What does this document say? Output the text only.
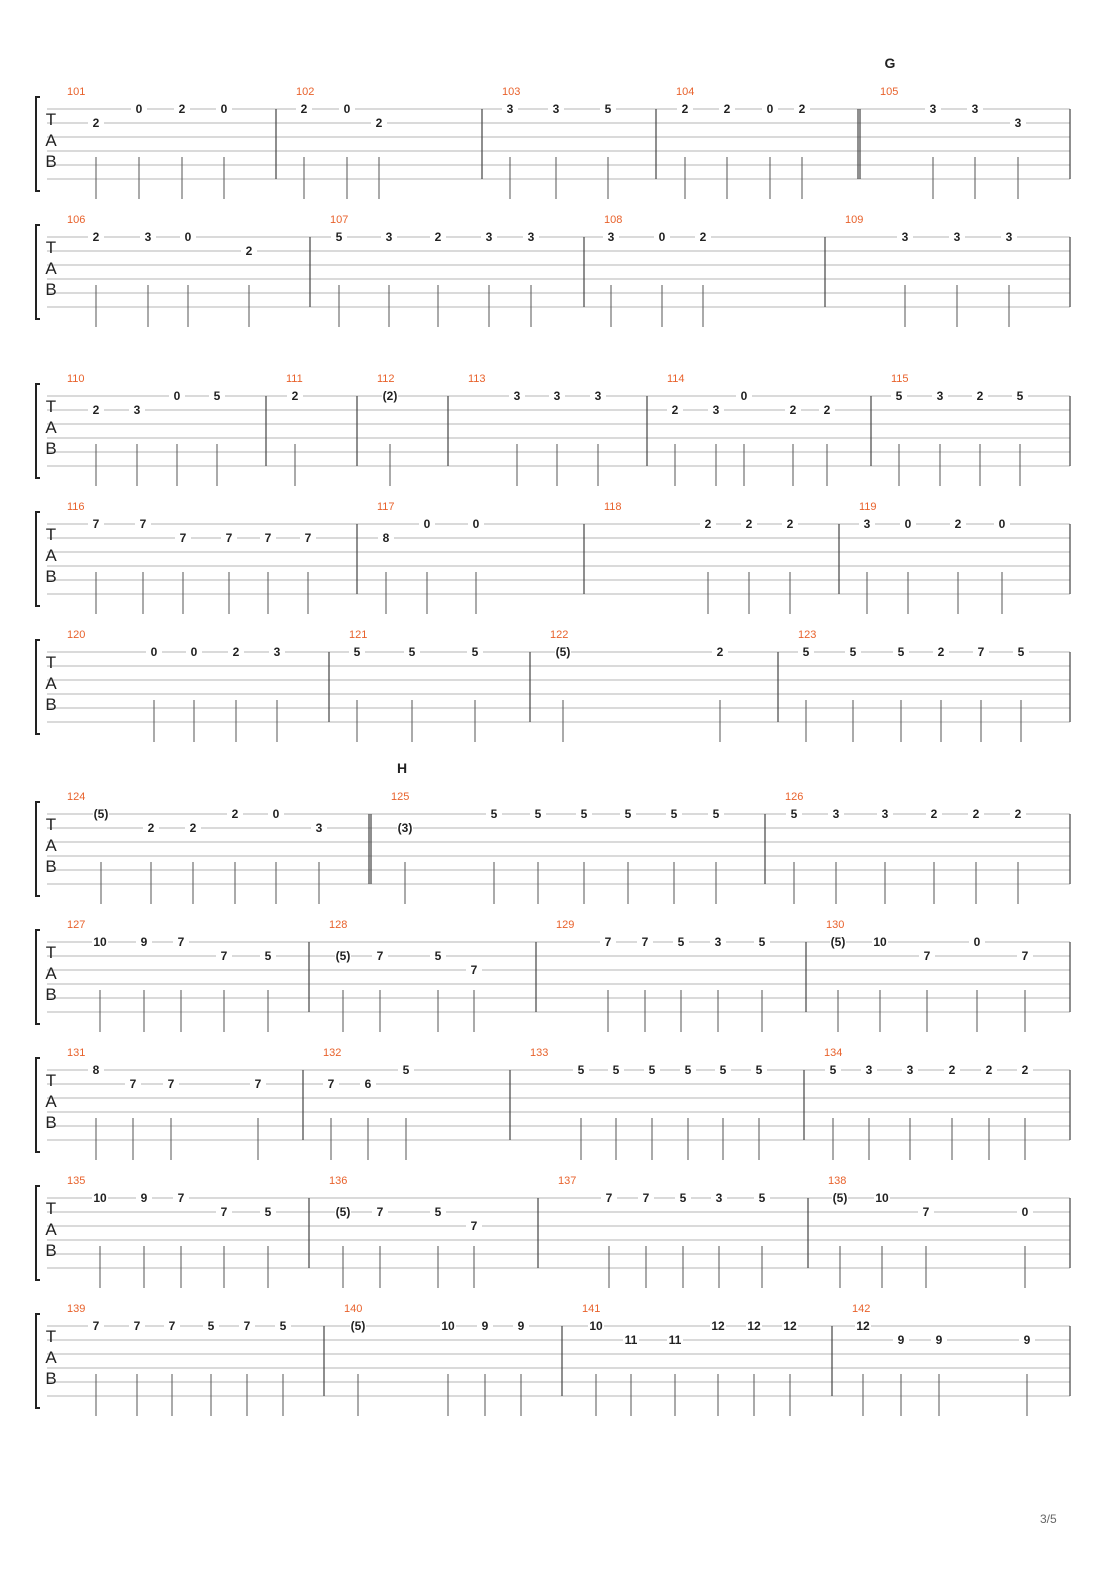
T
A
B
101	102	103	104	105
2
0	2	0	2	0
2
3	3	5	2	2	0 2	3	3
3
T
A
B
106	107	108	109
2	3	0
2
5	3	2	3	3	3	0	2	3	3	3
T
A
B
110	111	112	113	114	115
2	3
0	5	2	(2)	3	3	3
2	3
0
2 2
5	3	2	5
T
A
B
116	117	118	119
7	7
7	7	7	7	8
0	0	2	2	2	3	0	2	0
T
A
B
120	121	122	123
0	0	2	3	5	5	5	(5)	2	5	5	5	2	7	5
T
A
B
124	125	126
(5)
2	2
2	0
3	(3)
5	5	5	5	5	5	5	3	3	2	2	2
T
A
B
127	128	129	130
10	9	7
7	5	(5) 7	5
7
7	7 5	3	5	(5) 10
7
0
7
T
A
B
131	132	133	134
8
7	7	7	7	6
5	5 5 5 5 5 5	5 3	3	2	2 2
T
A
B
135	136	137	138
10	9	7
7	5	(5) 7	5
7
7	7	5 3	5	(5) 10
7	0
T
A
B
139	140	141	142
7	7 7	5 7 5	(5)	10 9 9	10
11	11
12 12 12	12
9	9	9
G
H
3/5
